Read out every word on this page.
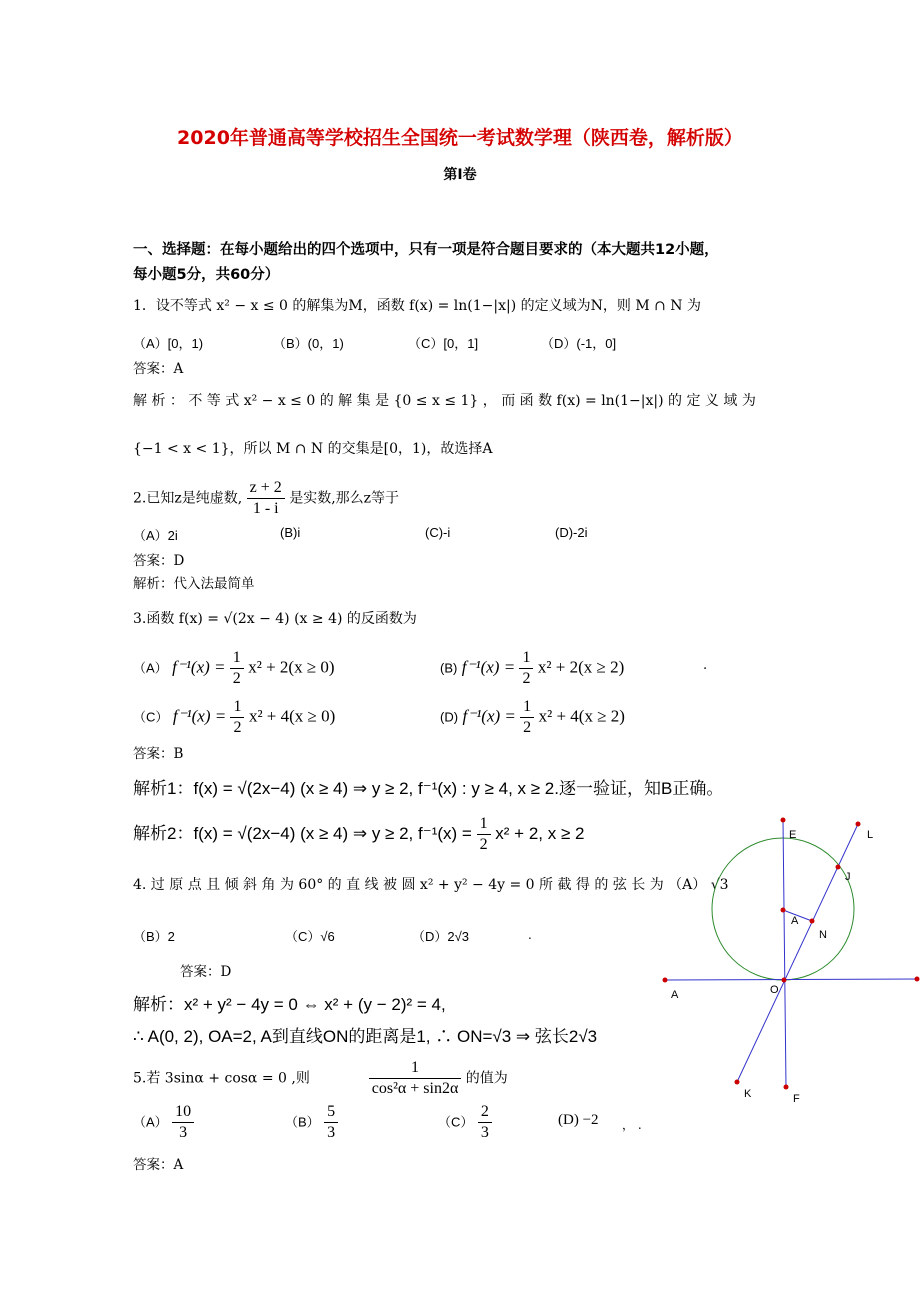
2020年普通高等学校招生全国统一考试数学理（陕西卷，解析版）
第Ⅰ卷
一、选择题：在每小题给出的四个选项中，只有一项是符合题目要求的（本大题共12小题，
每小题5分，共60分）
1．设不等式 x² − x ≤ 0 的解集为M，函数 f(x) = ln(1−|x|) 的定义域为N，则 M ∩ N 为
（A）[0，1)	（B）(0，1)	（C）[0，1]	（D）(-1，0]
答案：A
解 析 ： 不 等 式 x² − x ≤ 0 的 解 集 是 {0 ≤ x ≤ 1} ， 而 函 数 f(x) = ln(1−|x|) 的 定 义 域 为
{−1 < x < 1}，所以 M ∩ N 的交集是[0，1)，故选择A
2.已知z是纯虚数, $\frac{z + 2}{1 - i}$ 是实数,那么z等于
（A）2i	(B)i	(C)-i	(D)-2i
答案：D
解析：代入法最简单
3.函数 f(x) = √(2x − 4) (x ≥ 4) 的反函数为
（A） $f^{-1}(x) = \frac{1}{2} x^2 + 2(x \ge 0)$	(B) $f^{-1}(x) = \frac{1}{2} x^2 + 2(x \ge 2)$	.
（C） $f^{-1}(x) = \frac{1}{2} x^2 + 4(x \ge 0)$	(D) $f^{-1}(x) = \frac{1}{2} x^2 + 4(x \ge 2)$
答案：B
解析1：f(x) = √(2x−4) (x ≥ 4) ⇒ y ≥ 2, f⁻¹(x) : y ≥ 4, x ≥ 2.逐一验证，知B正确。
解析2：f(x) = √(2x−4) (x ≥ 4) ⇒ y ≥ 2, $f^{-1}(x) = \frac{1}{2} x^2 + 2$, x ≥ 2
4. 过 原 点 且 倾 斜 角 为 60° 的 直 线 被 圆 x² + y² − 4y = 0 所 截 得 的 弦 长 为 （A） √3
（B）2	（C）√6	（D）2√3	.
答案：D
解析：x² + y² − 4y = 0 ⇔ x² + (y − 2)² = 4,
∴ A(0, 2), OA=2, A到直线ON的距离是1, ∴ ON=√3 ⇒ 弦长2√3
5.若 3sinα + cosα = 0 ,则	$\frac{1}{\text{cos²α + sin2α}}$ 的值为
$(A) \frac{10}{3}$	$(B) \frac{5}{3}$	$(C) \frac{2}{3}$	(D) −2 ， .
答案：A
E	L
J
A
N
A	O
K	F
